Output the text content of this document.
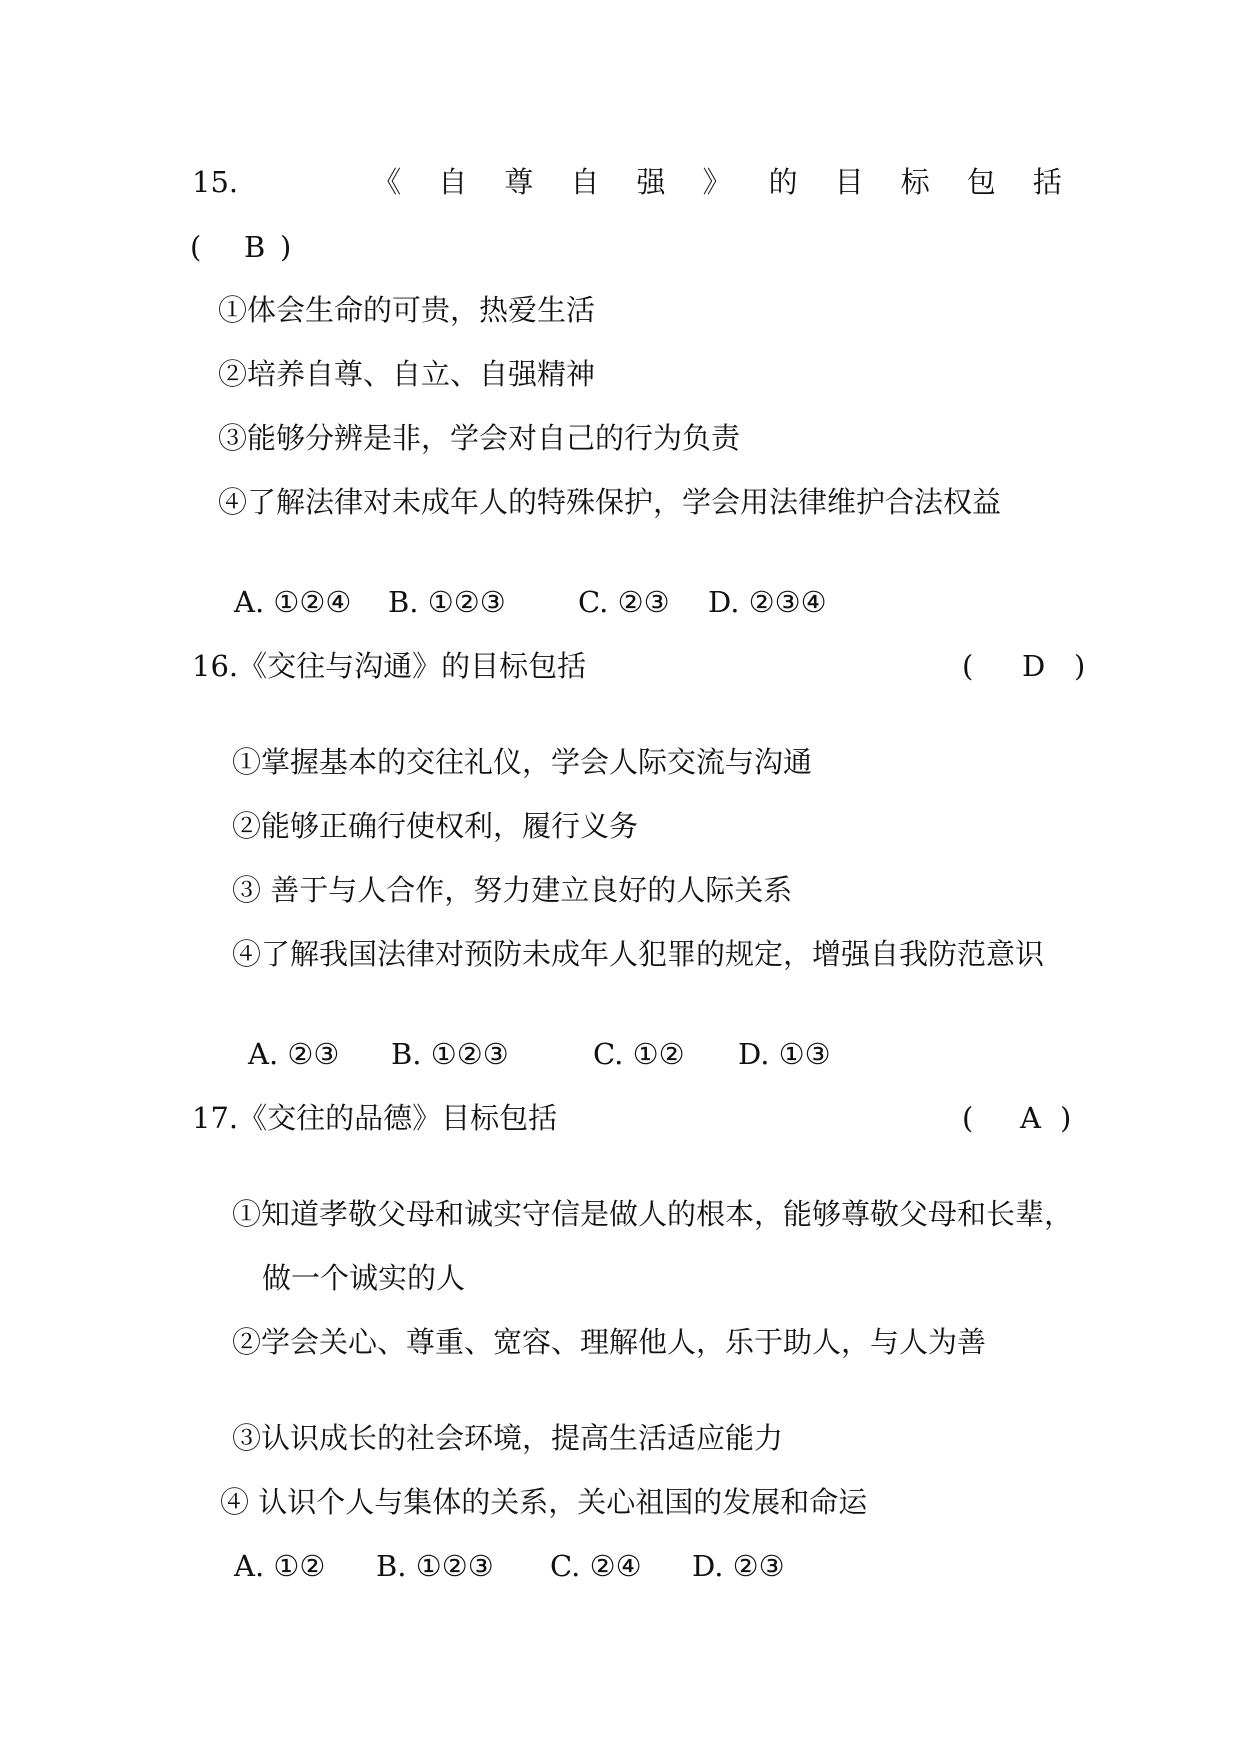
15.	《 自 尊 自 强 》 的 目 标 包 括
( B )
①体会生命的可贵，热爱生活
②培养自尊、自立、自强精神
③能够分辨是非，学会对自己的行为负责
④了解法律对未成年人的特殊保护，学会用法律维护合法权益
A. ①②④ B. ①②③ C. ②③ D. ②③④
16.《交往与沟通》的目标包括	( D )
①掌握基本的交往礼仪，学会人际交流与沟通
②能够正确行使权利，履行义务
③ 善于与人合作，努力建立良好的人际关系
④了解我国法律对预防未成年人犯罪的规定，增强自我防范意识
A. ②③ B. ①②③	C. ①② D. ①③
17.《交往的品德》目标包括	( A )
①知道孝敬父母和诚实守信是做人的根本，能够尊敬父母和长辈，
做一个诚实的人
②学会关心、尊重、宽容、理解他人，乐于助人，与人为善
③认识成长的社会环境，提高生活适应能力
④ 认识个人与集体的关系，关心祖国的发展和命运
A. ①② B. ①②③ C. ②④ D. ②③
